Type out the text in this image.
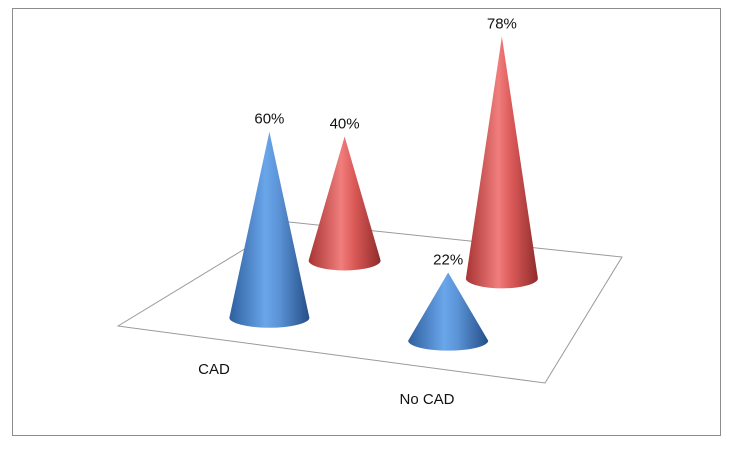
40%
78%
60%
22%
CAD
No CAD
